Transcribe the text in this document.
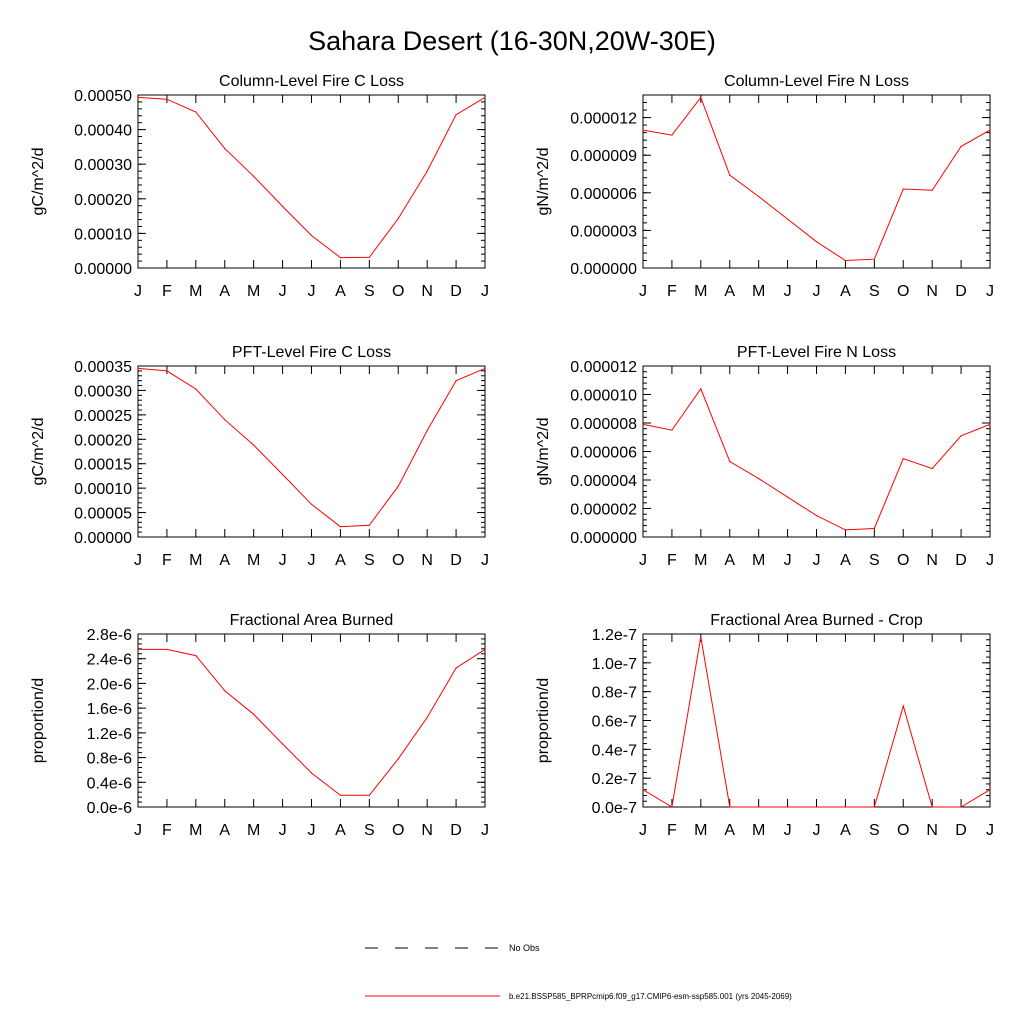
Sahara Desert (16-30N,20W-30E)
Column-Level Fire C Loss
gC/m^2/d
0.00000
0.00010
0.00020
0.00030
0.00040
0.00050
J F M A M J J A S O N D J
Column-Level Fire N Loss
gN/m^2/d
0.000000
0.000003
0.000006
0.000009
0.000012
J F M A M J J A S O N D J
PFT-Level Fire C Loss
gC/m^2/d
0.00000
0.00005
0.00010
0.00015
0.00020
0.00025
0.00030
0.00035
J F M A M J J A S O N D J
PFT-Level Fire N Loss
gN/m^2/d
0.000000
0.000002
0.000004
0.000006
0.000008
0.000010
0.000012
J F M A M J J A S O N D J
Fractional Area Burned
proportion/d
0.0e-6
0.4e-6
0.8e-6
1.2e-6
1.6e-6
2.0e-6
2.4e-6
2.8e-6
J F M A M J J A S O N D J
Fractional Area Burned - Crop
proportion/d
0.0e-7
0.2e-7
0.4e-7
0.6e-7
0.8e-7
1.0e-7
1.2e-7
J F M A M J J A S O N D J
No Obs
b.e21.BSSP585_BPRPcmip6.f09_g17.CMIP6-esm-ssp585.001 (yrs 2045-2069)
